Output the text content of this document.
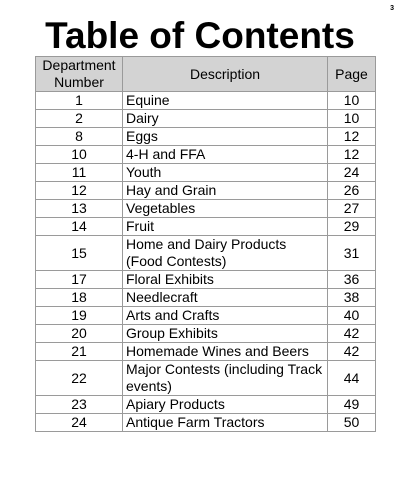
3
Table of Contents
Department Number	Description	Page
1	Equine	10
2	Dairy	10
8	Eggs	12
10	4-H and FFA	12
11	Youth	24
12	Hay and Grain	26
13	Vegetables	27
14	Fruit	29
15	Home and Dairy Products (Food Contests)	31
17	Floral Exhibits	36
18	Needlecraft	38
19	Arts and Crafts	40
20	Group Exhibits	42
21	Homemade Wines and Beers	42
22	Major Contests (including Track events)	44
23	Apiary Products	49
24	Antique Farm Tractors	50
